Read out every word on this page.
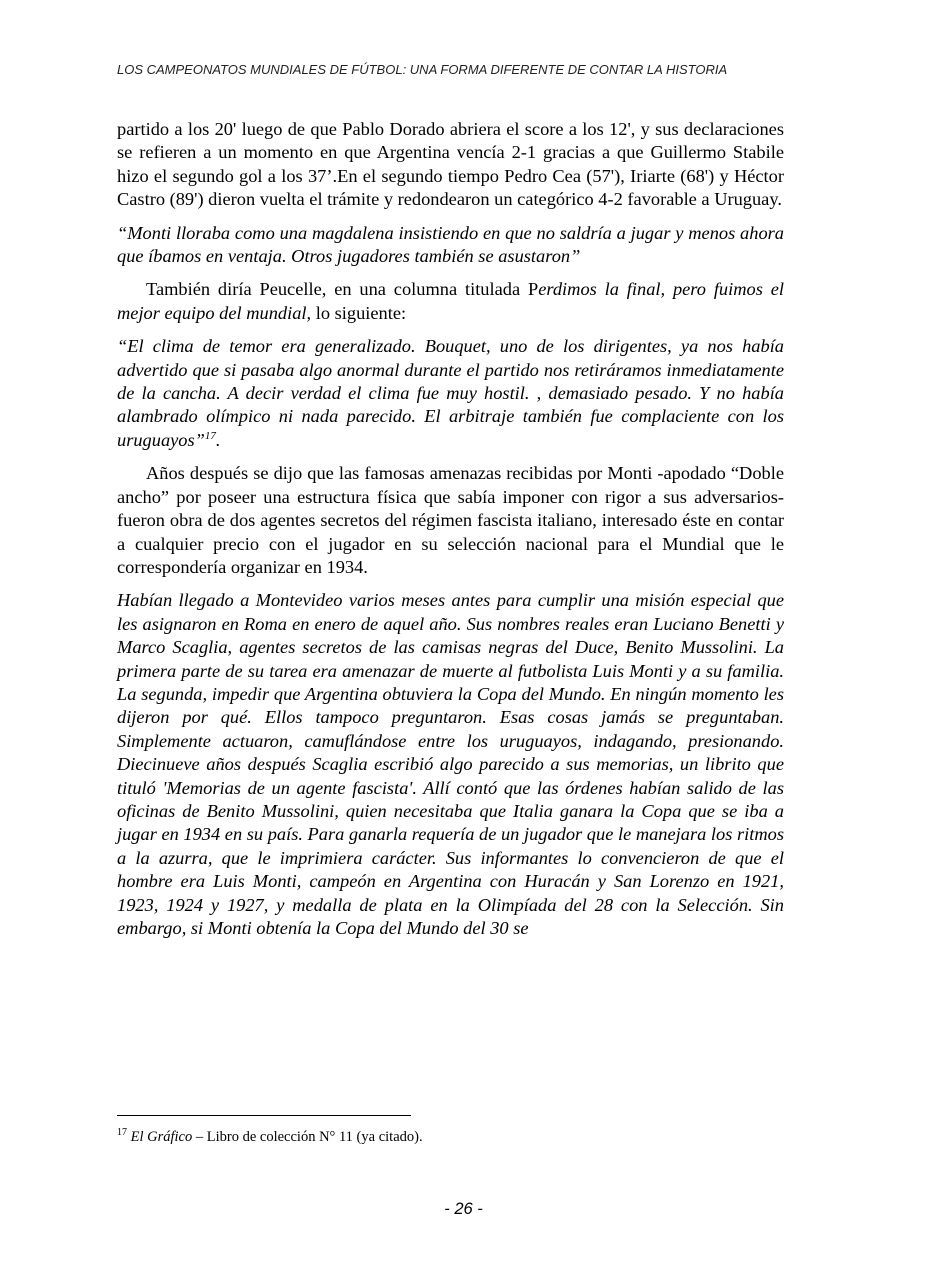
LOS CAMPEONATOS MUNDIALES DE FÚTBOL: UNA FORMA DIFERENTE DE CONTAR LA HISTORIA

partido a los 20' luego de que Pablo Dorado abriera el score a los 12', y sus declaraciones se refieren a un momento en que Argentina vencía 2-1 gracias a que Guillermo Stabile hizo el segundo gol a los 37’.En el segundo tiempo Pedro Cea (57'), Iriarte (68') y Héctor Castro (89') dieron vuelta el trámite y redondearon un categórico 4-2 favorable a Uruguay.

“Monti lloraba como una magdalena insistiendo en que no saldría a jugar y menos ahora que íbamos en ventaja. Otros jugadores también se asustaron”

También diría Peucelle, en una columna titulada Perdimos la final, pero fuimos el mejor equipo del mundial, lo siguiente:

“El clima de temor era generalizado. Bouquet, uno de los dirigentes, ya nos había advertido que si pasaba algo anormal durante el partido nos retiráramos inmediatamente de la cancha. A decir verdad el clima fue muy hostil. , demasiado pesado. Y no había alambrado olímpico ni nada parecido. El arbitraje también fue complaciente con los uruguayos”$^{17}$.

Años después se dijo que las famosas amenazas recibidas por Monti -apodado “Doble ancho” por poseer una estructura física que sabía imponer con rigor a sus adversarios- fueron obra de dos agentes secretos del régimen fascista italiano, interesado éste en contar a cualquier precio con el jugador en su selección nacional para el Mundial que le correspondería organizar en 1934.

Habían llegado a Montevideo varios meses antes para cumplir una misión especial que les asignaron en Roma en enero de aquel año. Sus nombres reales eran Luciano Benetti y Marco Scaglia, agentes secretos de las camisas negras del Duce, Benito Mussolini. La primera parte de su tarea era amenazar de muerte al futbolista Luis Monti y a su familia. La segunda, impedir que Argentina obtuviera la Copa del Mundo. En ningún momento les dijeron por qué. Ellos tampoco preguntaron. Esas cosas jamás se preguntaban. Simplemente actuaron, camuflándose entre los uruguayos, indagando, presionando. Diecinueve años después Scaglia escribió algo parecido a sus memorias, un librito que tituló 'Memorias de un agente fascista'. Allí contó que las órdenes habían salido de las oficinas de Benito Mussolini, quien necesitaba que Italia ganara la Copa que se iba a jugar en 1934 en su país. Para ganarla requería de un jugador que le manejara los ritmos a la azurra, que le imprimiera carácter. Sus informantes lo convencieron de que el hombre era Luis Monti, campeón en Argentina con Huracán y San Lorenzo en 1921, 1923, 1924 y 1927, y medalla de plata en la Olimpíada del 28 con la Selección. Sin embargo, si Monti obtenía la Copa del Mundo del 30 se

$^{17}$ El Gráfico – Libro de colección N° 11 (ya citado).
- 26 -
